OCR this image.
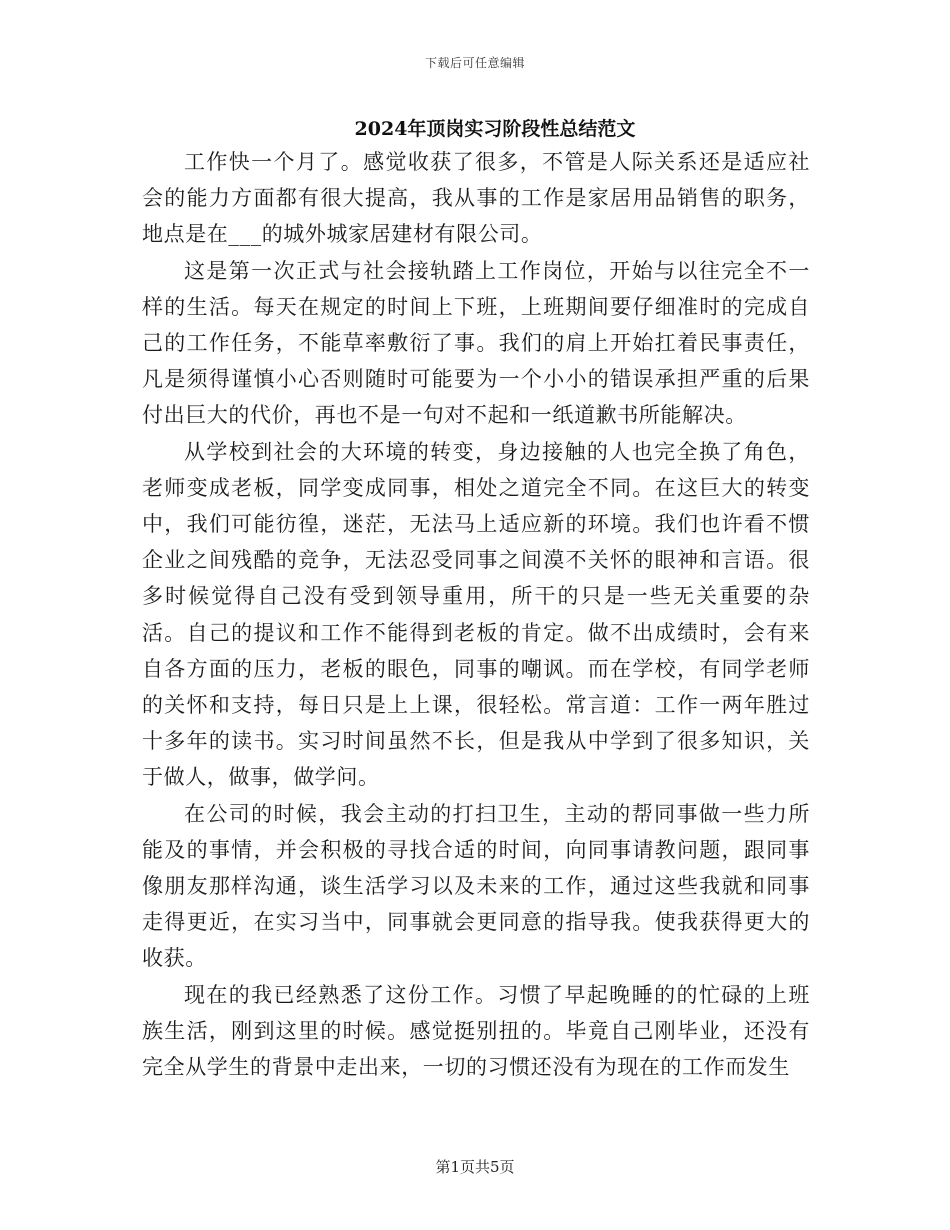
下载后可任意编辑
2024年顶岗实习阶段性总结范文

工作快一个月了。感觉收获了很多，不管是人际关系还是适应社会的能力方面都有很大提高，我从事的工作是家居用品销售的职务，地点是在___的城外城家居建材有限公司。

这是第一次正式与社会接轨踏上工作岗位，开始与以往完全不一样的生活。每天在规定的时间上下班，上班期间要仔细准时的完成自己的工作任务，不能草率敷衍了事。我们的肩上开始扛着民事责任，凡是须得谨慎小心否则随时可能要为一个小小的错误承担严重的后果付出巨大的代价，再也不是一句对不起和一纸道歉书所能解决。

从学校到社会的大环境的转变，身边接触的人也完全换了角色，老师变成老板，同学变成同事，相处之道完全不同。在这巨大的转变中，我们可能彷徨，迷茫，无法马上适应新的环境。我们也许看不惯企业之间残酷的竞争，无法忍受同事之间漠不关怀的眼神和言语。很多时候觉得自己没有受到领导重用，所干的只是一些无关重要的杂活。自己的提议和工作不能得到老板的肯定。做不出成绩时，会有来自各方面的压力，老板的眼色，同事的嘲讽。而在学校，有同学老师的关怀和支持，每日只是上上课，很轻松。常言道：工作一两年胜过十多年的读书。实习时间虽然不长，但是我从中学到了很多知识，关于做人，做事，做学问。

在公司的时候，我会主动的打扫卫生，主动的帮同事做一些力所能及的事情，并会积极的寻找合适的时间，向同事请教问题，跟同事像朋友那样沟通，谈生活学习以及未来的工作，通过这些我就和同事走得更近，在实习当中，同事就会更同意的指导我。使我获得更大的收获。

现在的我已经熟悉了这份工作。习惯了早起晚睡的的忙碌的上班族生活，刚到这里的时候。感觉挺别扭的。毕竟自己刚毕业，还没有完全从学生的背景中走出来，一切的习惯还没有为现在的工作而发生

第1页共5页
